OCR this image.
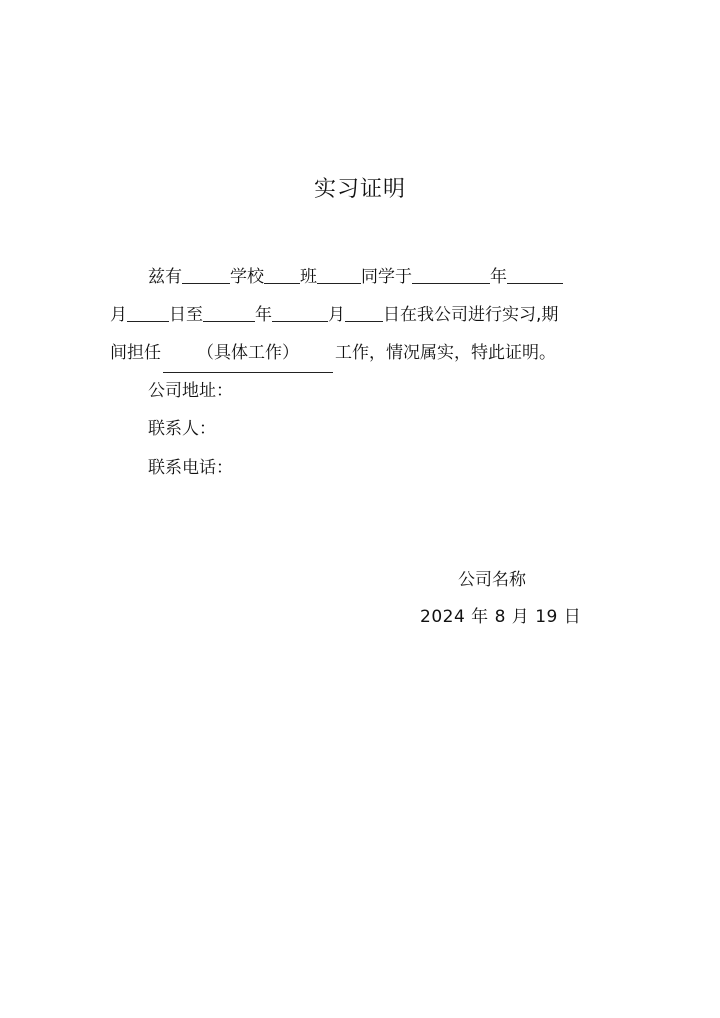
实习证明
兹有	学校 班	同学于	年
月 日至	年	月 日在我公司进行实习,期
间担任 （具体工作） 工作，情况属实，特此证明。
公司地址：
联系人：
联系电话：
公司名称
2024 年 8 月 19 日
